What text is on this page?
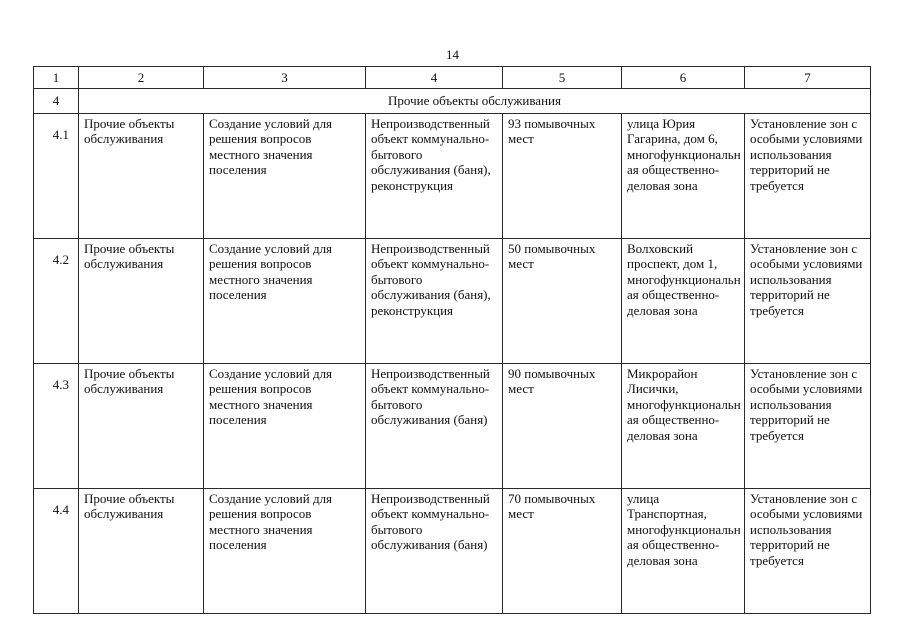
14
1	2	3	4	5	6	7
4	Прочие объекты обслуживания					
4.1	Прочие объекты обслуживания	Создание условий для решения вопросов местного значения поселения	Непроизводственный объект коммунально-бытового обслуживания (баня), реконструкция	93 помывочных мест	улица Юрия Гагарина, дом 6, многофункциональная общественно-деловая зона	Установление зон с особыми условиями использования территорий не требуется
4.2	Прочие объекты обслуживания	Создание условий для решения вопросов местного значения поселения	Непроизводственный объект коммунально-бытового обслуживания (баня), реконструкция	50 помывочных мест	Волховский проспект, дом 1, многофункциональная общественно-деловая зона	Установление зон с особыми условиями использования территорий не требуется
4.3	Прочие объекты обслуживания	Создание условий для решения вопросов местного значения поселения	Непроизводственный объект коммунально-бытового обслуживания (баня)	90 помывочных мест	Микрорайон Лисички, многофункциональная общественно-деловая зона	Установление зон с особыми условиями использования территорий не требуется
4.4	Прочие объекты обслуживания	Создание условий для решения вопросов местного значения поселения	Непроизводственный объект коммунально-бытового обслуживания (баня)	70 помывочных мест	улица Транспортная, многофункциональная общественно-деловая зона	Установление зон с особыми условиями использования территорий не требуется
